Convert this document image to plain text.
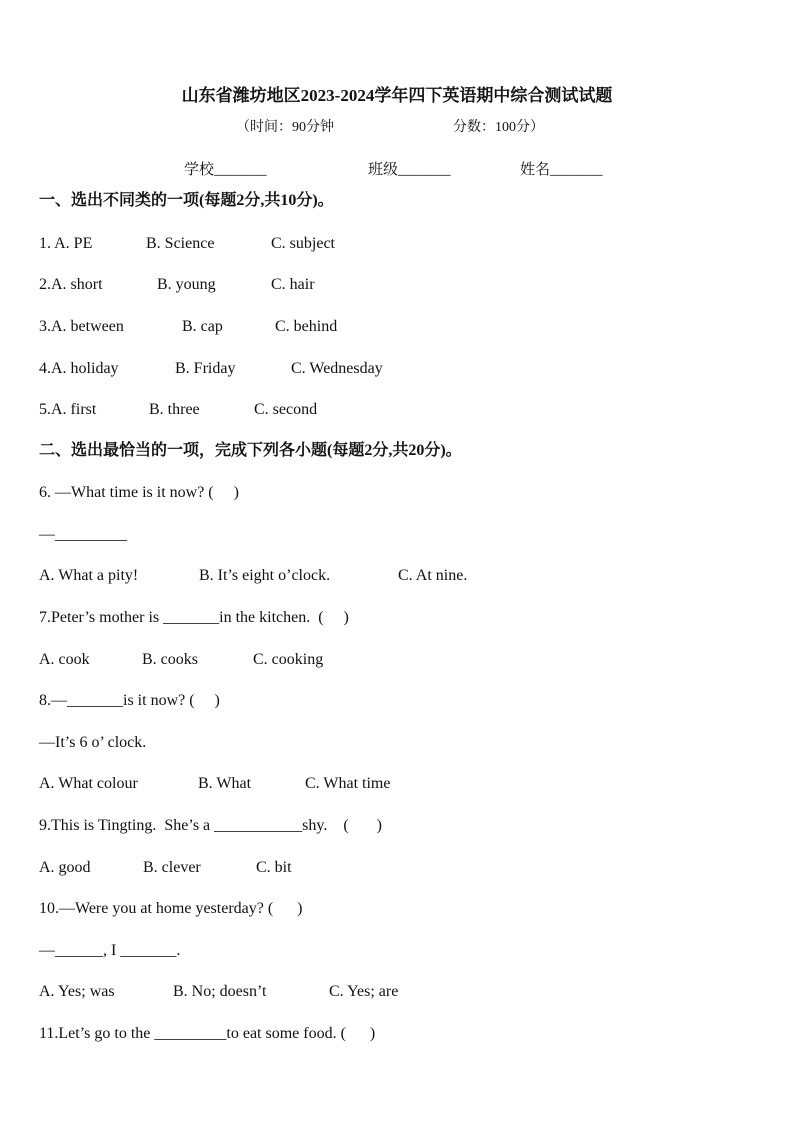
山东省潍坊地区2023-2024学年四下英语期中综合测试试题
（时间：90分钟	分数：100分）
学校_______	班级_______	姓名_______
一、选出不同类的一项(每题2分,共10分)。
1. A. PE	B. Science	C. subject
2.A. short	B. young	C. hair
3.A. between	B. cap	C. behind
4.A. holiday	B. Friday	C. Wednesday
5.A. first	B. three	C. second
二、选出最恰当的一项，完成下列各小题(每题2分,共20分)。
6. —What time is it now? (     )
—_________
A. What a pity!	B. It’s eight o’clock.	C. At nine.
7.Peter’s mother is _______in the kitchen.  (     )
A. cook	B. cooks	C. cooking
8.—_______is it now? (     )
—It’s 6 o’ clock.
A. What colour	B. What	C. What time
9.This is Tingting.  She’s a ___________shy.    (       )
A. good	B. clever	C. bit
10.—Were you at home yesterday? (      )
—______, I _______.
A. Yes; was	B. No; doesn’t	C. Yes; are
11.Let’s go to the _________to eat some food. (      )
